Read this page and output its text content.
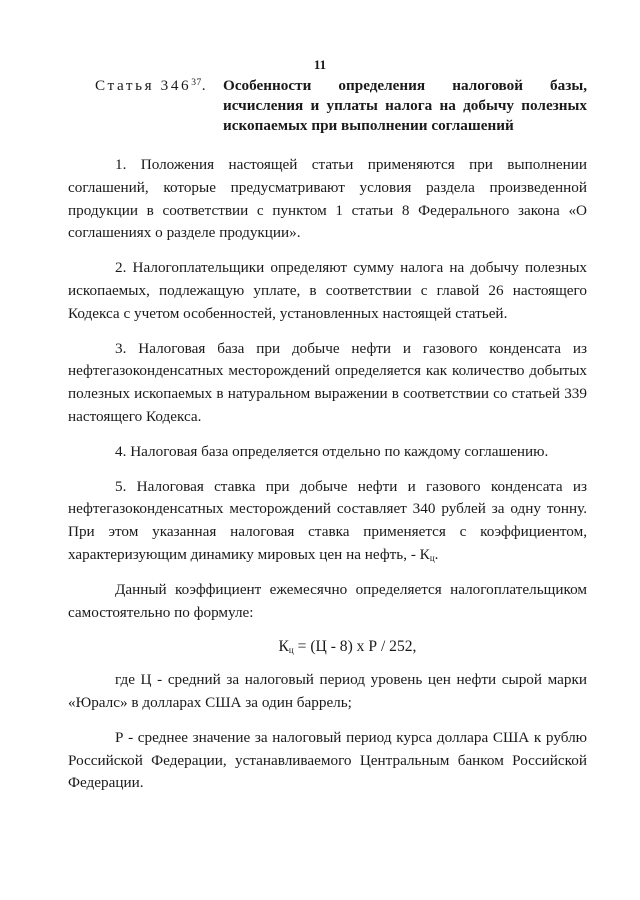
11
Статья $346^{37}$. Особенности определения налоговой базы, исчисления и уплаты налога на добычу полезных ископаемых при выполнении соглашений

1. Положения настоящей статьи применяются при выполнении соглашений, которые предусматривают условия раздела произведенной продукции в соответствии с пунктом 1 статьи 8 Федерального закона «О соглашениях о разделе продукции».

2. Налогоплательщики определяют сумму налога на добычу полезных ископаемых, подлежащую уплате, в соответствии с главой 26 настоящего Кодекса с учетом особенностей, установленных настоящей статьей.

3. Налоговая база при добыче нефти и газового конденсата из нефтегазоконденсатных месторождений определяется как количество добытых полезных ископаемых в натуральном выражении в соответствии со статьей 339 настоящего Кодекса.

4. Налоговая база определяется отдельно по каждому соглашению.

5. Налоговая ставка при добыче нефти и газового конденсата из нефтегазоконденсатных месторождений составляет 340 рублей за одну тонну. При этом указанная налоговая ставка применяется с коэффициентом, характеризующим динамику мировых цен на нефть, - $К_ц$.

Данный коэффициент ежемесячно определяется налогоплательщиком самостоятельно по формуле:

$К_ц = (Ц - 8)$ х Р / 252,

где Ц - средний за налоговый период уровень цен нефти сырой марки «Юралс» в долларах США за один баррель;

Р - среднее значение за налоговый период курса доллара США к рублю Российской Федерации, устанавливаемого Центральным банком Российской Федерации.
